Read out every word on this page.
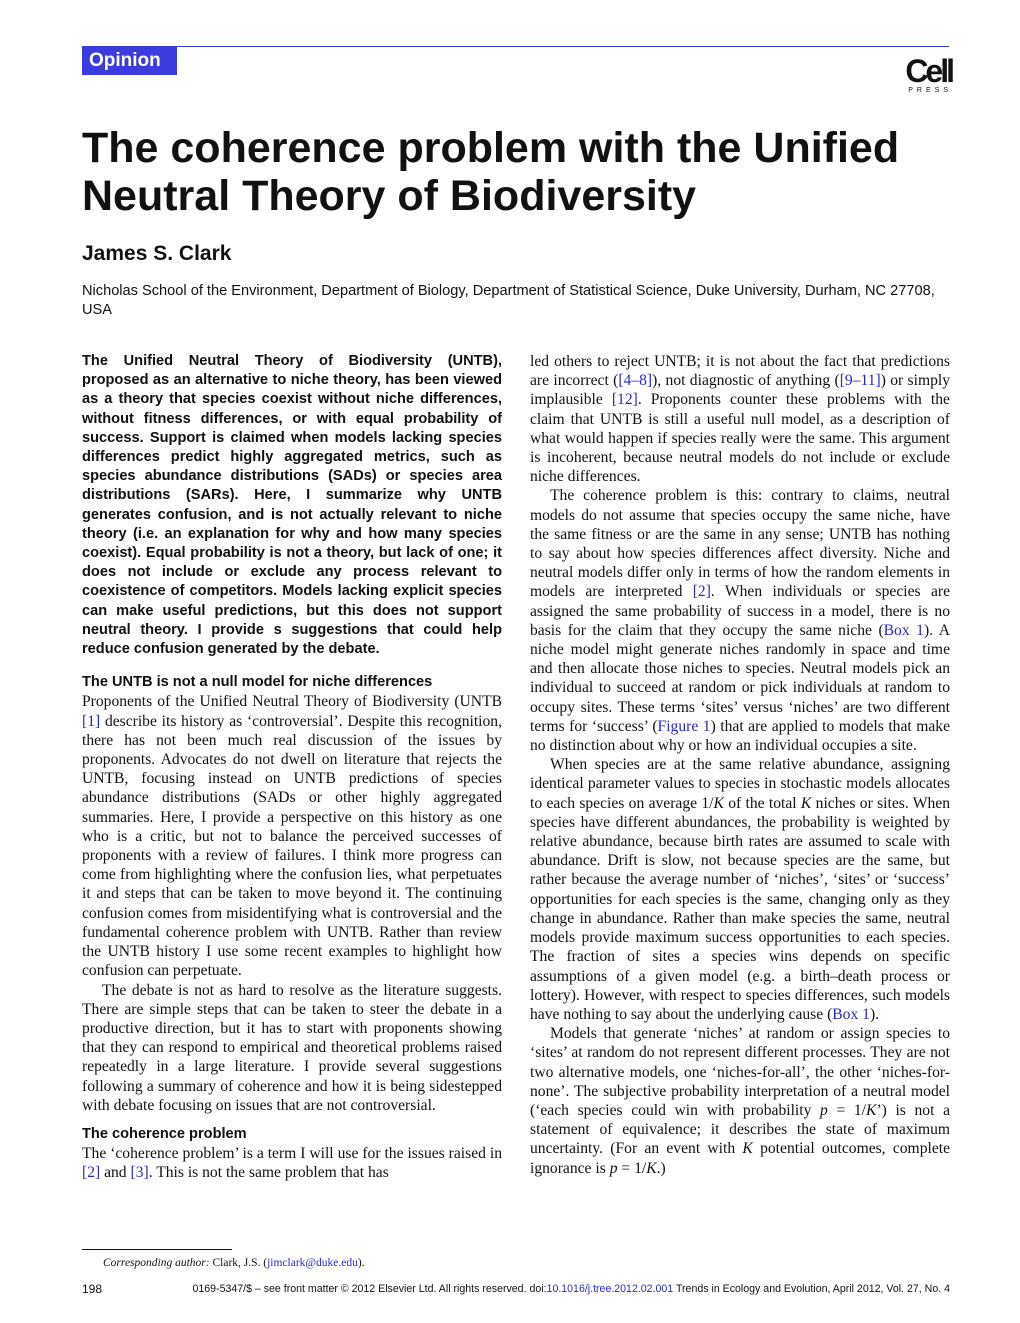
Opinion	Cell
PRESS
The coherence problem with the Unified Neutral Theory of Biodiversity

James S. Clark

Nicholas School of the Environment, Department of Biology, Department of Statistical Science, Duke University, Durham, NC 27708, USA

The Unified Neutral Theory of Biodiversity (UNTB), proposed as an alternative to niche theory, has been viewed as a theory that species coexist without niche differences, without fitness differences, or with equal probability of success. Support is claimed when models lacking species differences predict highly aggregated metrics, such as species abundance distributions (SADs) or species area distributions (SARs). Here, I summarize why UNTB generates confusion, and is not actually relevant to niche theory (i.e. an explanation for why and how many species coexist). Equal probability is not a theory, but lack of one; it does not include or exclude any process relevant to coexistence of competitors. Models lacking explicit species can make useful predictions, but this does not support neutral theory. I provide s suggestions that could help reduce confusion generated by the debate.

The UNTB is not a null model for niche differences

Proponents of the Unified Neutral Theory of Biodiversity (UNTB [1] describe its history as ‘controversial’. Despite this recognition, there has not been much real discussion of the issues by proponents. Advocates do not dwell on literature that rejects the UNTB, focusing instead on UNTB predictions of species abundance distributions (SADs or other highly aggregated summaries. Here, I provide a perspective on this history as one who is a critic, but not to balance the perceived successes of proponents with a review of failures. I think more progress can come from highlighting where the confusion lies, what perpetuates it and steps that can be taken to move beyond it. The continuing confusion comes from misidentifying what is controversial and the fundamental coherence problem with UNTB. Rather than review the UNTB history I use some recent examples to highlight how confusion can perpetuate.

The debate is not as hard to resolve as the literature suggests. There are simple steps that can be taken to steer the debate in a productive direction, but it has to start with proponents showing that they can respond to empirical and theoretical problems raised repeatedly in a large literature. I provide several suggestions following a summary of coherence and how it is being sidestepped with debate focusing on issues that are not controversial.

The coherence problem

The ‘coherence problem’ is a term I will use for the issues raised in [2] and [3]. This is not the same problem that has

led others to reject UNTB; it is not about the fact that predictions are incorrect ([4–8]), not diagnostic of anything ([9–11]) or simply implausible [12]. Proponents counter these problems with the claim that UNTB is still a useful null model, as a description of what would happen if species really were the same. This argument is incoherent, because neutral models do not include or exclude niche differences.

The coherence problem is this: contrary to claims, neutral models do not assume that species occupy the same niche, have the same fitness or are the same in any sense; UNTB has nothing to say about how species differences affect diversity. Niche and neutral models differ only in terms of how the random elements in models are interpreted [2]. When individuals or species are assigned the same probability of success in a model, there is no basis for the claim that they occupy the same niche (Box 1). A niche model might generate niches randomly in space and time and then allocate those niches to species. Neutral models pick an individual to succeed at random or pick individuals at random to occupy sites. These terms ‘sites’ versus ‘niches’ are two different terms for ‘success’ (Figure 1) that are applied to models that make no distinction about why or how an individual occupies a site.

When species are at the same relative abundance, assigning identical parameter values to species in stochastic models allocates to each species on average 1/K of the total K niches or sites. When species have different abundances, the probability is weighted by relative abundance, because birth rates are assumed to scale with abundance. Drift is slow, not because species are the same, but rather because the average number of ‘niches’, ‘sites’ or ‘success’ opportunities for each species is the same, changing only as they change in abundance. Rather than make species the same, neutral models provide maximum success opportunities to each species. The fraction of sites a species wins depends on specific assumptions of a given model (e.g. a birth–death process or lottery). However, with respect to species differences, such models have nothing to say about the underlying cause (Box 1).

Models that generate ‘niches’ at random or assign species to ‘sites’ at random do not represent different processes. They are not two alternative models, one ‘niches-for-all’, the other ‘niches-for-none’. The subjective probability interpretation of a neutral model (‘each species could win with probability p = 1/K’) is not a statement of equivalence; it describes the state of maximum uncertainty. (For an event with K potential outcomes, complete ignorance is p = 1/K.)

Corresponding author: Clark, J.S. (jimclark@duke.edu).

198	0169-5347/$ – see front matter © 2012 Elsevier Ltd. All rights reserved. doi:10.1016/j.tree.2012.02.001 Trends in Ecology and Evolution, April 2012, Vol. 27, No. 4
